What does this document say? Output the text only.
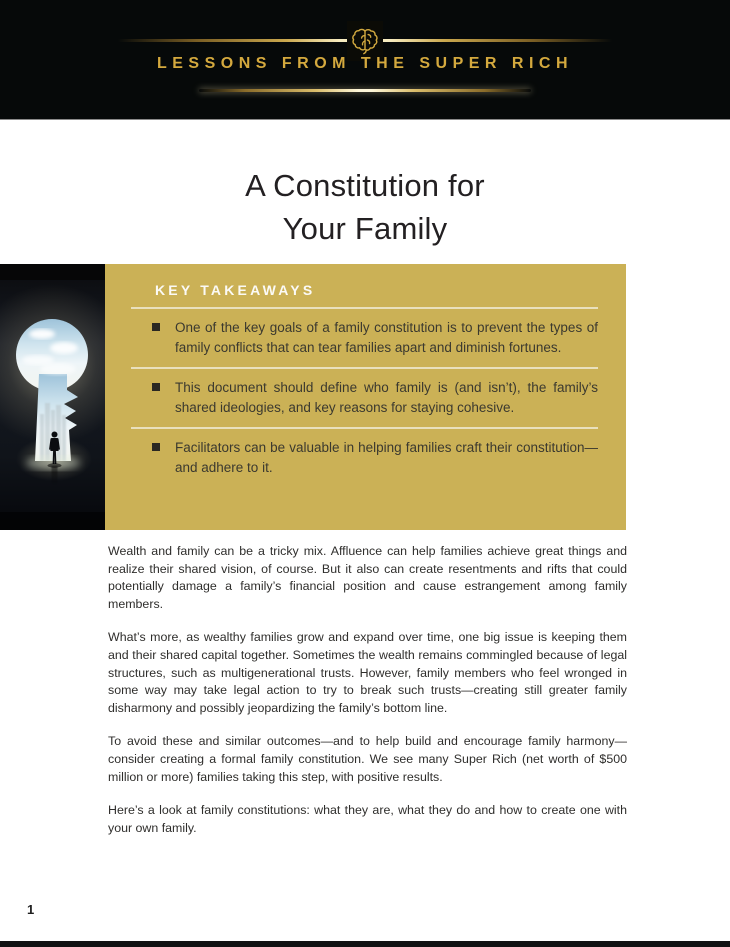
LESSONS FROM THE SUPER RICH
A Constitution for
Your Family
KEY TAKEAWAYS

One of the key goals of a family constitution is to prevent the types of family conflicts that can tear families apart and diminish fortunes.

This document should define who family is (and isn’t), the family’s shared ideologies, and key reasons for staying cohesive.

Facilitators can be valuable in helping families craft their constitution—and adhere to it.

Wealth and family can be a tricky mix. Affluence can help families achieve great things and realize their shared vision, of course. But it also can create resentments and rifts that could potentially damage a family’s financial position and cause estrangement among family members.

What’s more, as wealthy families grow and expand over time, one big issue is keeping them and their shared capital together. Sometimes the wealth remains commingled because of legal structures, such as multigenerational trusts. However, family members who feel wronged in some way may take legal action to try to break such trusts—creating still greater family disharmony and possibly jeopardizing the family’s bottom line.

To avoid these and similar outcomes—and to help build and encourage family harmony—consider creating a formal family constitution. We see many Super Rich (net worth of $500 million or more) families taking this step, with positive results.

Here’s a look at family constitutions: what they are, what they do and how to create one with your own family.

1
